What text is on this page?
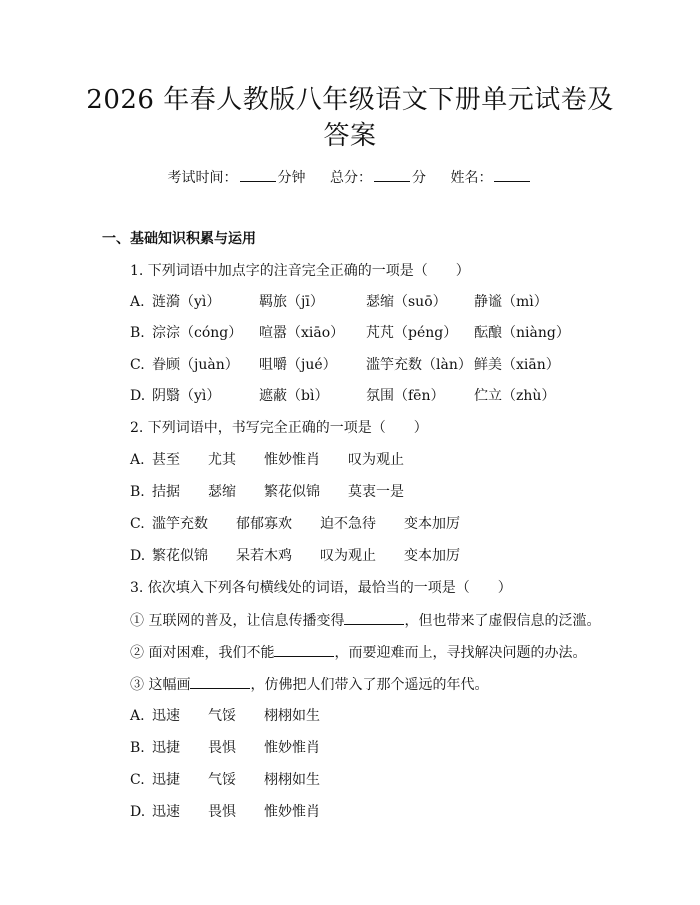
2026 年春人教版八年级语文下册单元试卷及
答案
考试时间：	分钟 总分：	分 姓名：
一、基础知识积累与运用
1. 下列词语中加点字的注音完全正确的一项是（　　）
A. 涟漪（yì）	羁旅（jī）	瑟缩（suō） 静谧（mì）
B. 淙淙（cóng） 喧嚣（xiāo） 芃芃（péng） 酝酿（niàng）
C. 眷顾（juàn） 咀嚼（jué） 滥竽充数（làn） 鲜美（xiān）
D. 阴翳（yì）	遮蔽（bì）	氛围（fēn） 伫立（zhù）
2. 下列词语中，书写完全正确的一项是（　　）
A. 甚至 尤其 惟妙惟肖 叹为观止
B. 拮据 瑟缩 繁花似锦 莫衷一是
C. 滥竽充数 郁郁寡欢 迫不急待 变本加厉
D. 繁花似锦 呆若木鸡 叹为观止 变本加厉
3. 依次填入下列各句横线处的词语，最恰当的一项是（　　）
① 互联网的普及，让信息传播变得	，但也带来了虚假信息的泛滥。
② 面对困难，我们不能	，而要迎难而上，寻找解决问题的办法。
③ 这幅画	，仿佛把人们带入了那个遥远的年代。
A. 迅速 气馁 栩栩如生
B. 迅捷 畏惧 惟妙惟肖
C. 迅捷 气馁 栩栩如生
D. 迅速 畏惧 惟妙惟肖
